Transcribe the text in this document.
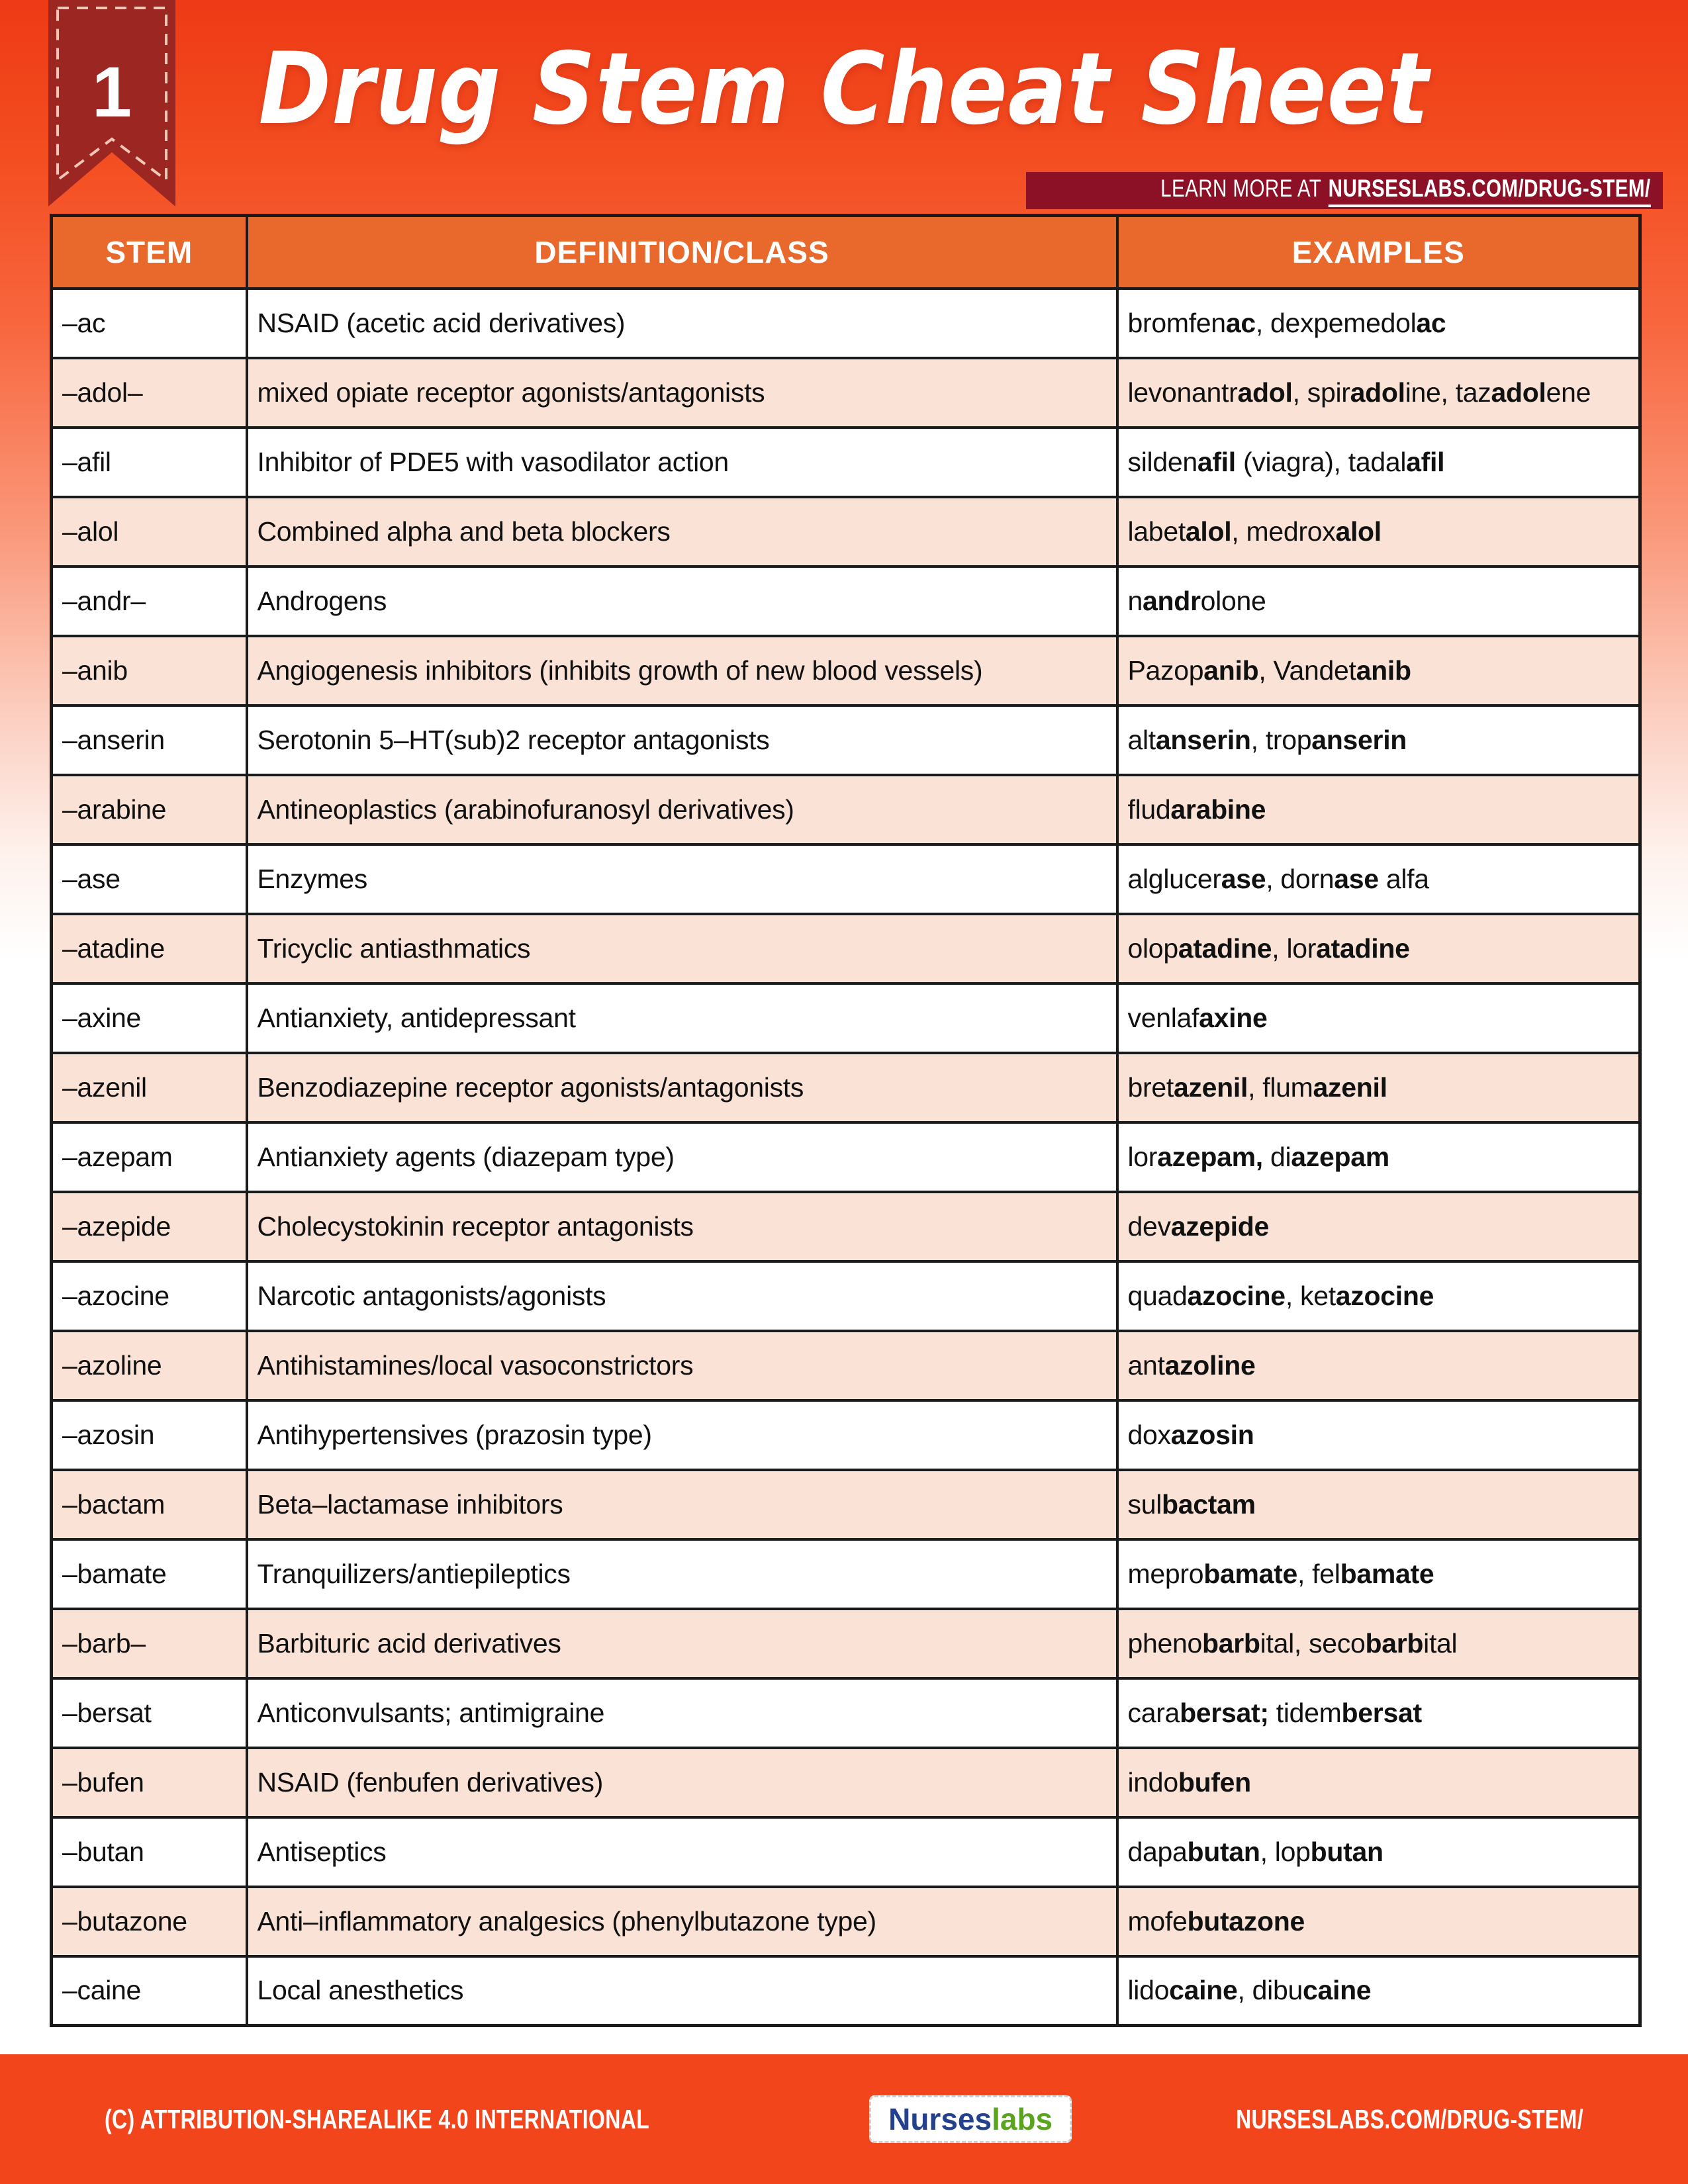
1	Drug Stem Cheat Sheet
LEARN MORE AT NURSESLABS.COM/DRUG-STEM/
STEM	DEFINITION/CLASS	EXAMPLES
–ac	NSAID (acetic acid derivatives)	bromfenac, dexpemedolac
–adol–	mixed opiate receptor agonists/antagonists	levonantradol, spiradoline, tazadolene
–afil	Inhibitor of PDE5 with vasodilator action	sildenafil (viagra), tadalafil
–alol	Combined alpha and beta blockers	labetalol, medroxalol
–andr–	Androgens	nandrolone
–anib	Angiogenesis inhibitors (inhibits growth of new blood vessels)	Pazopanib, Vandetanib
–anserin	Serotonin 5–HT(sub)2 receptor antagonists	altanserin, tropanserin
–arabine	Antineoplastics (arabinofuranosyl derivatives)	fludarabine
–ase	Enzymes	alglucerase, dornase alfa
–atadine	Tricyclic antiasthmatics	olopatadine, loratadine
–axine	Antianxiety, antidepressant	venlafaxine
–azenil	Benzodiazepine receptor agonists/antagonists	bretazenil, flumazenil
–azepam	Antianxiety agents (diazepam type)	lorazepam, diazepam
–azepide	Cholecystokinin receptor antagonists	devazepide
–azocine	Narcotic antagonists/agonists	quadazocine, ketazocine
–azoline	Antihistamines/local vasoconstrictors	antazoline
–azosin	Antihypertensives (prazosin type)	doxazosin
–bactam	Beta–lactamase inhibitors	sulbactam
–bamate	Tranquilizers/antiepileptics	meprobamate, felbamate
–barb–	Barbituric acid derivatives	phenobarbital, secobarbital
–bersat	Anticonvulsants; antimigraine	carabersat; tidembersat
–bufen	NSAID (fenbufen derivatives)	indobufen
–butan	Antiseptics	dapabutan, lopbutan
–butazone	Anti–inflammatory analgesics (phenylbutazone type)	mofebutazone
–caine	Local anesthetics	lidocaine, dibucaine
(C) ATTRIBUTION-SHAREALIKE 4.0 INTERNATIONAL	Nurseslabs	NURSESLABS.COM/DRUG-STEM/
